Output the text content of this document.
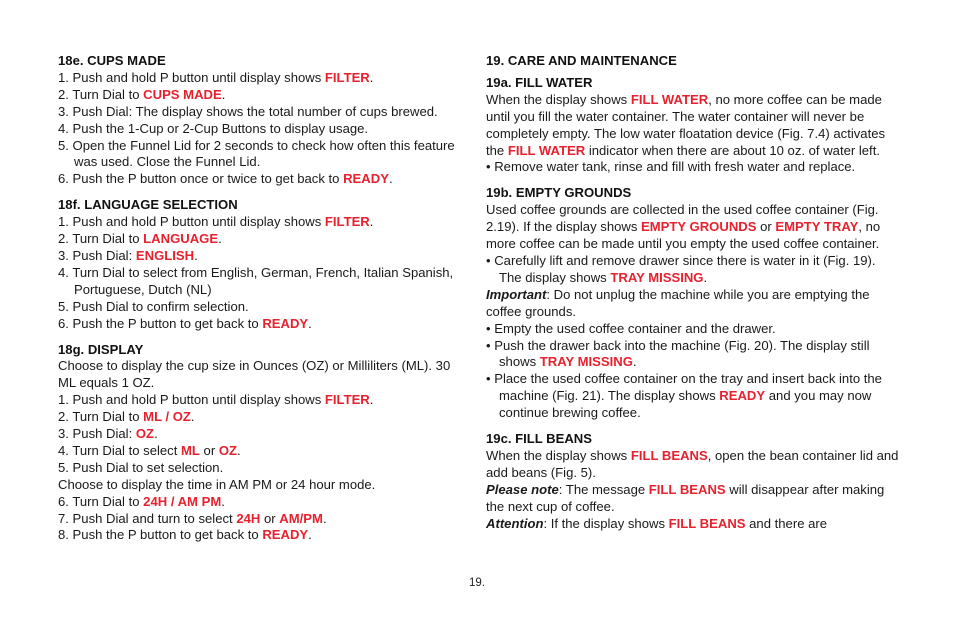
18e. CUPS MADE
1. Push and hold P button until display shows FILTER.
2. Turn Dial to CUPS MADE.
3. Push Dial: The display shows the total number of cups brewed.
4. Push the 1-Cup or 2-Cup Buttons to display usage.
5. Open the Funnel Lid for 2 seconds to check how often this feature was used. Close the Funnel Lid.
6. Push the P button once or twice to get back to READY.
18f. LANGUAGE SELECTION
1. Push and hold P button until display shows FILTER.
2. Turn Dial to LANGUAGE.
3. Push Dial: ENGLISH.
4. Turn Dial to select from English, German, French, Italian Spanish, Portuguese, Dutch (NL)
5. Push Dial to confirm selection.
6. Push the P button to get back to READY.
18g. DISPLAY
Choose to display the cup size in Ounces (OZ) or Milliliters (ML). 30 ML equals 1 OZ.
1. Push and hold P button until display shows FILTER.
2. Turn Dial to ML / OZ.
3. Push Dial: OZ.
4. Turn Dial to select ML or OZ.
5. Push Dial to set selection.
Choose to display the time in AM PM or 24 hour mode.
6. Turn Dial to 24H / AM PM.
7. Push Dial and turn to select 24H or AM/PM.
8. Push the P button to get back to READY.
19. CARE AND MAINTENANCE
19a. FILL WATER
When the display shows FILL WATER, no more coffee can be made until you fill the water container. The water container will never be completely empty. The low water floatation device (Fig. 7.4) activates the FILL WATER indicator when there are about 10 oz. of water left.
• Remove water tank, rinse and fill with fresh water and replace.
19b. EMPTY GROUNDS
Used coffee grounds are collected in the used coffee container (Fig. 2.19). If the display shows EMPTY GROUNDS or EMPTY TRAY, no more coffee can be made until you empty the used coffee container.
• Carefully lift and remove drawer since there is water in it (Fig. 19). The display shows TRAY MISSING.
Important: Do not unplug the machine while you are emptying the coffee grounds.
• Empty the used coffee container and the drawer.
• Push the drawer back into the machine (Fig. 20). The display still shows TRAY MISSING.
• Place the used coffee container on the tray and insert back into the machine (Fig. 21). The display shows READY and you may now continue brewing coffee.
19c. FILL BEANS
When the display shows FILL BEANS, open the bean container lid and add beans (Fig. 5).
Please note: The message FILL BEANS will disappear after making the next cup of coffee.
Attention: If the display shows FILL BEANS and there are
19.
